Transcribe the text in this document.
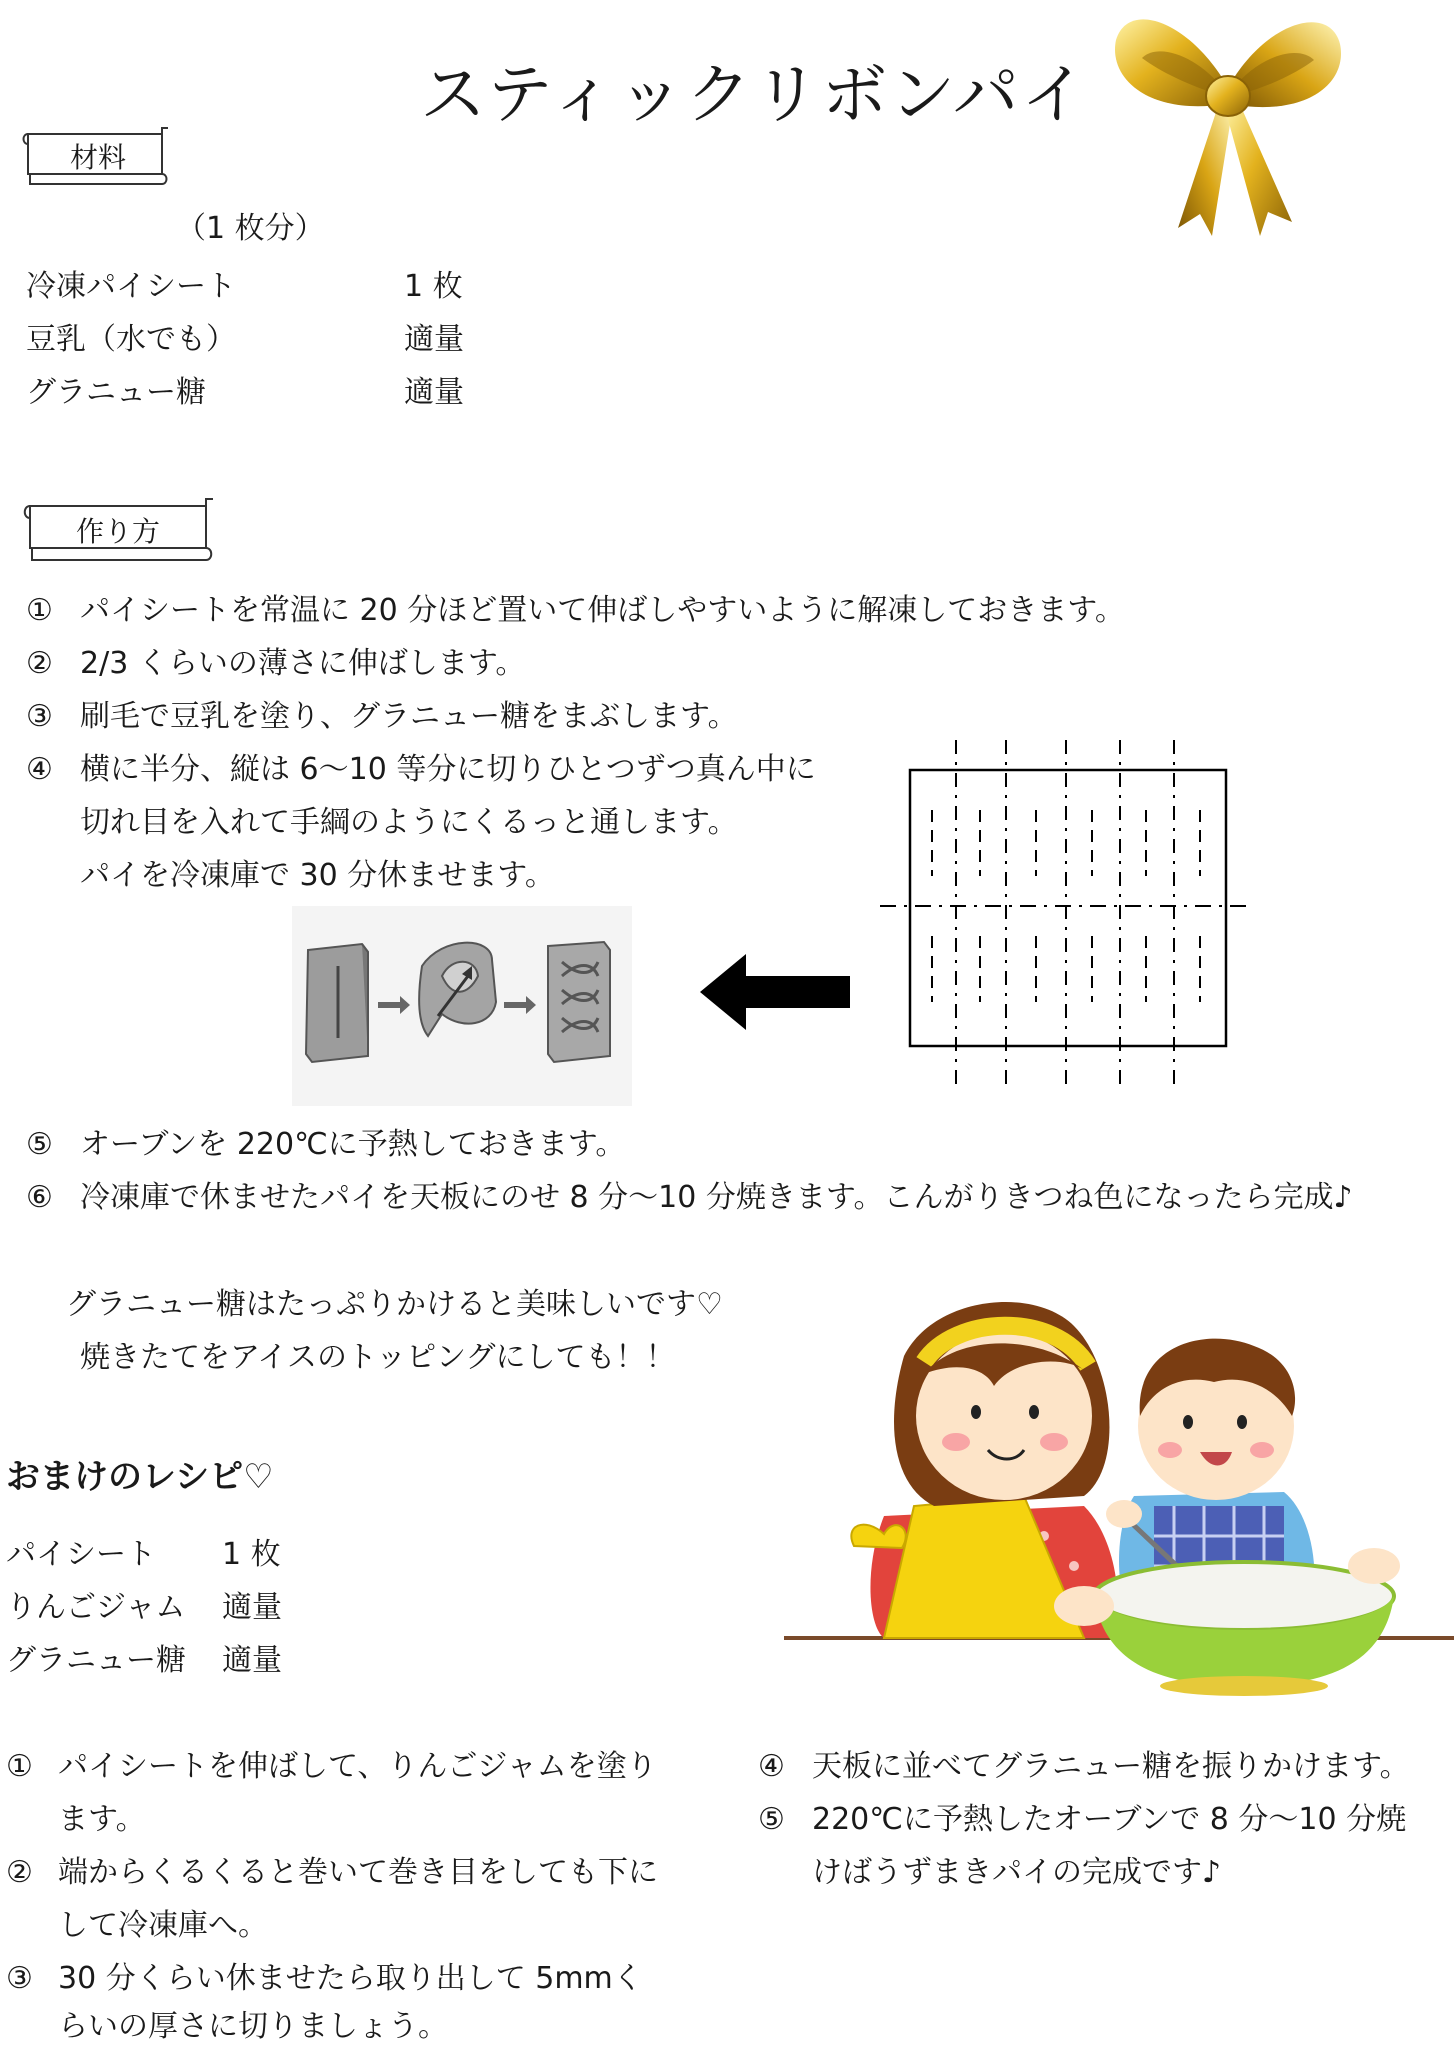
スティックリボンパイ
材料
（1 枚分）
冷凍パイシート	1 枚
豆乳（水でも）	適量
グラニュー糖	適量
作り方
① パイシートを常温に 20 分ほど置いて伸ばしやすいように解凍しておきます。
② 2/3 くらいの薄さに伸ばします。
③ 刷毛で豆乳を塗り、グラニュー糖をまぶします。
④ 横に半分、縦は 6〜10 等分に切りひとつずつ真ん中に
切れ目を入れて手綱のようにくるっと通します。
パイを冷凍庫で 30 分休ませます。
⑤ オーブンを 220℃に予熱しておきます。
⑥ 冷凍庫で休ませたパイを天板にのせ 8 分〜10 分焼きます。こんがりきつね色になったら完成♪
グラニュー糖はたっぷりかけると美味しいです♡
焼きたてをアイスのトッピングにしても！！
おまけのレシピ♡
パイシート 1 枚
りんごジャム 適量
グラニュー糖 適量
① パイシートを伸ばして、りんごジャムを塗り
ます。
② 端からくるくると巻いて巻き目をしても下に
して冷凍庫へ。
③ 30 分くらい休ませたら取り出して 5mmく
らいの厚さに切りましょう。
④ 天板に並べてグラニュー糖を振りかけます。
⑤ 220℃に予熱したオーブンで 8 分〜10 分焼
けばうずまきパイの完成です♪
